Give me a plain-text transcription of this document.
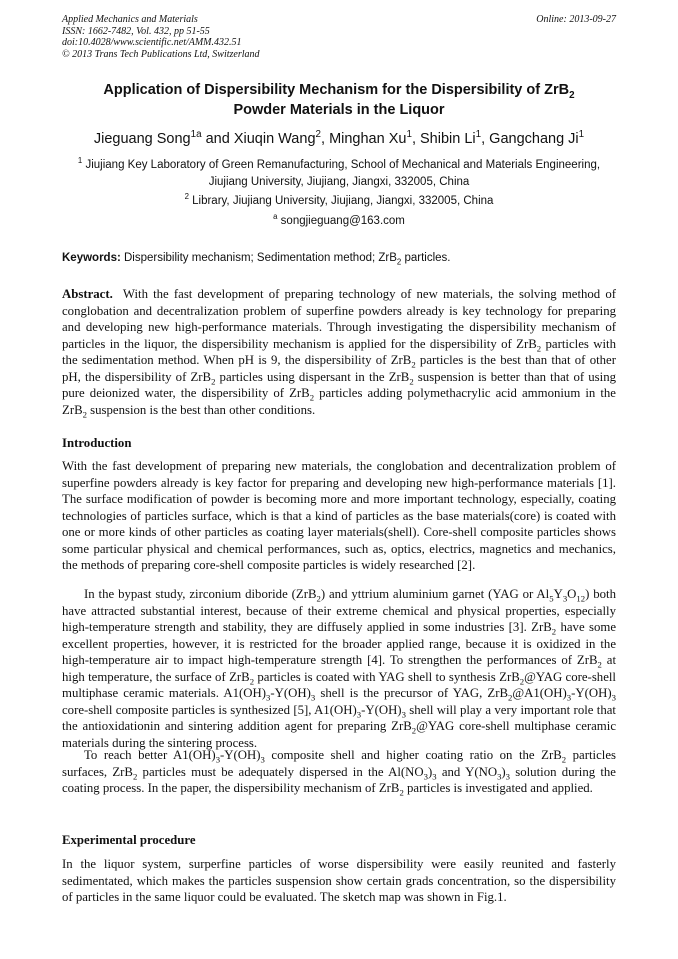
Applied Mechanics and Materials
ISSN: 1662-7482, Vol. 432, pp 51-55
doi:10.4028/www.scientific.net/AMM.432.51
© 2013 Trans Tech Publications Ltd, Switzerland
Online: 2013-09-27
Application of Dispersibility Mechanism for the Dispersibility of ZrB$_2$
Powder Materials in the Liquor
Jieguang Song$^{1a}$ and Xiuqin Wang$^2$, Minghan Xu$^1$, Shibin Li$^1$, Gangchang Ji$^1$
$^1$ Jiujiang Key Laboratory of Green Remanufacturing, School of Mechanical and Materials Engineering, Jiujiang University, Jiujiang, Jiangxi, 332005, China
$^2$ Library, Jiujiang University, Jiujiang, Jiangxi, 332005, China
$^a$ songjieguang@163.com
Keywords: Dispersibility mechanism; Sedimentation method; ZrB$_2$ particles.

Abstract. With the fast development of preparing technology of new materials, the solving method of conglobation and decentralization problem of superfine powders already is key technology for preparing and developing new high-performance materials. Through investigating the dispersibility mechanism of particles in the liquor, the dispersibility mechanism is applied for the dispersibility of ZrB$_2$ particles with the sedimentation method. When pH is 9, the dispersibility of ZrB$_2$ particles is the best than that of other pH, the dispersibility of ZrB$_2$ particles using dispersant in the ZrB$_2$ suspension is better than that of using pure deionized water, the dispersibility of ZrB$_2$ particles adding polymethacrylic acid ammonium in the ZrB$_2$ suspension is the best than other conditions.

Introduction

With the fast development of preparing new materials, the conglobation and decentralization problem of superfine powders already is key factor for preparing and developing new high-performance materials [1]. The surface modification of powder is becoming more and more important technology, especially, coating technologies of particles surface, which is that a kind of particles as the base materials(core) is coated with one or more kinds of other particles as coating layer materials(shell). Core-shell composite particles shows some particular physical and chemical performances, such as, optics, electrics, magnetics and mechanics, the methods of preparing core-shell composite particles is widely researched [2].

In the bypast study, zirconium diboride (ZrB$_2$) and yttrium aluminium garnet (YAG or $Al_5Y_3O_{12}$) both have attracted substantial interest, because of their extreme chemical and physical properties, especially high-temperature strength and stability, they are diffusely applied in some industries [3]. ZrB$_2$ have some excellent properties, however, it is restricted for the broader applied range, because it is oxidized in the high-temperature air to impact high-temperature strength [4]. To strengthen the performances of ZrB$_2$ at high temperature, the surface of ZrB$_2$ particles is coated with YAG shell to synthesis ZrB$_2$@YAG core-shell multiphase ceramic materials. $A1(OH)_3-Y(OH)_3$ shell is the precursor of YAG, $ZrB_2@A1(OH)_3-Y(OH)_3$ core-shell composite particles is synthesized [5], $A1(OH)_3-Y(OH)_3$ shell will play a very important role that the antioxidationin and sintering addition agent for preparing ZrB$_2$@YAG core-shell multiphase ceramic materials during the sintering process.

To reach better $A1(OH)_3-Y(OH)_3$ composite shell and higher coating ratio on the ZrB$_2$ particles surfaces, ZrB$_2$ particles must be adequately dispersed in the $Al(NO_3)_3$ and $Y(NO_3)_3$ solution during the coating process. In the paper, the dispersibility mechanism of ZrB$_2$ particles is investigated and applied.

Experimental procedure

In the liquor system, surperfine particles of worse dispersibility were easily reunited and fasterly sedimentated, which makes the particles suspension show certain grads concentration, so the dispersibility of particles in the same liquor could be evaluated. The sketch map was shown in Fig.1.
